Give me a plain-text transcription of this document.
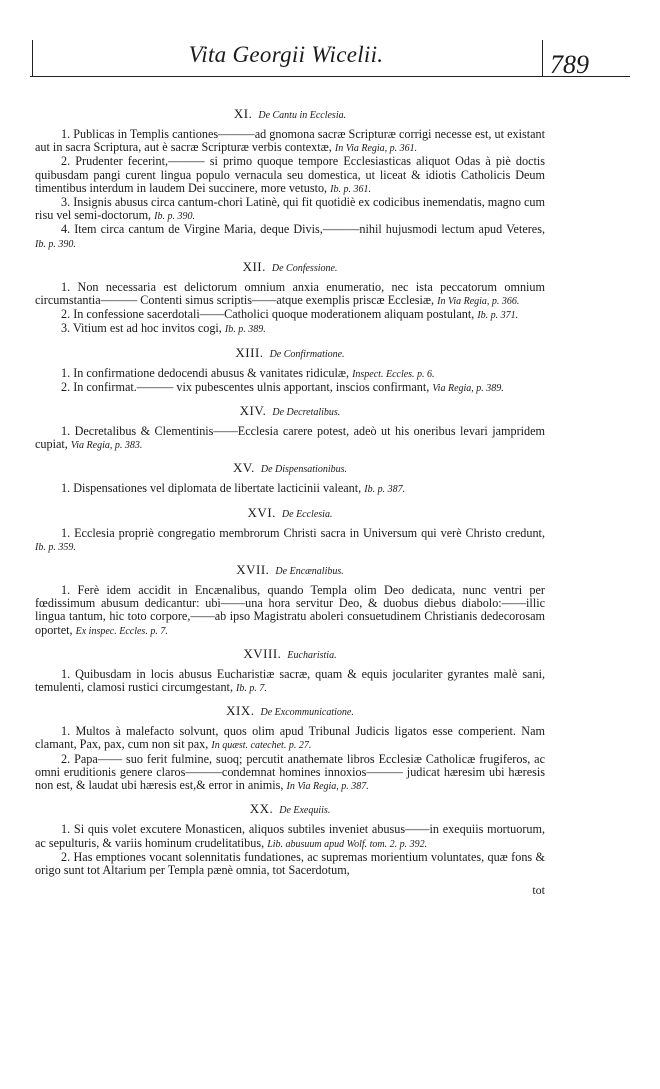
Vita Georgii Wicelii.	789
XI. De Cantu in Ecclesia.

1. Publicas in Templis cantiones———ad gnomona sacræ Scripturæ corrigi necesse est, ut existant aut in sacra Scriptura, aut è sacræ Scripturæ verbis contextæ, In Via Regia, p. 361.

2. Prudenter fecerint,——— si primo quoque tempore Ecclesiasticas aliquot Odas à piè doctis quibusdam pangi curent lingua populo vernacula seu domestica, ut liceat & idiotis Catholicis Deum timentibus interdum in laudem Dei succinere, more vetusto, Ib. p. 361.

3. Insignis abusus circa cantum-chori Latinè, qui fit quotidiè ex codicibus inemendatis, magno cum risu vel semi-doctorum, Ib. p. 390.

4. Item circa cantum de Virgine Maria, deque Divis,———nihil hujusmodi lectum apud Veteres, Ib. p. 390.

XII. De Confessione.

1. Non necessaria est delictorum omnium anxia enumeratio, nec ista peccatorum omnium circumstantia——— Contenti simus scriptis——atque exemplis priscæ Ecclesiæ, In Via Regia, p. 366.

2. In confessione sacerdotali——Catholici quoque moderationem aliquam postulant, Ib. p. 371.

3. Vitium est ad hoc invitos cogi, Ib. p. 389.

XIII. De Confirmatione.

1. In confirmatione dedocendi abusus & vanitates ridiculæ, Inspect. Eccles. p. 6.

2. In confirmat.——— vix pubescentes ulnis apportant, inscios confirmant, Via Regia, p. 389.

XIV. De Decretalibus.

1. Decretalibus & Clementinis——Ecclesia carere potest, adeò ut his oneribus levari jampridem cupiat, Via Regia, p. 383.

XV. De Dispensationibus.

1. Dispensationes vel diplomata de libertate lacticinii valeant, Ib. p. 387.

XVI. De Ecclesia.

1. Ecclesia propriè congregatio membrorum Christi sacra in Universum qui verè Christo credunt, Ib. p. 359.

XVII. De Encænalibus.

1. Ferè idem accidit in Encænalibus, quando Templa olim Deo dedicata, nunc ventri per fœdissimum abusum dedicantur: ubi——una hora servitur Deo, & duobus diebus diabolo:——illic lingua tantum, hic toto corpore,——ab ipso Magistratu aboleri consuetudinem Christianis dedecorosam oportet, Ex inspec. Eccles. p. 7.

XVIII. Eucharistia.

1. Quibusdam in locis abusus Eucharistiæ sacræ, quam & equis joculariter gyrantes malè sani, temulenti, clamosi rustici circumgestant, Ib. p. 7.

XIX. De Excommunicatione.

1. Multos à malefacto solvunt, quos olim apud Tribunal Judicis ligatos esse comperient. Nam clamant, Pax, pax, cum non sit pax, In quæst. catechet. p. 27.

2. Papa—— suo ferit fulmine, suoq; percutit anathemate libros Ecclesiæ Catholicæ frugiferos, ac omni eruditionis genere claros———condemnat homines innoxios——— judicat hæresim ubi hæresis non est, & laudat ubi hæresis est,& error in animis, In Via Regia, p. 387.

XX. De Exequiis.

1. Si quis volet excutere Monasticen, aliquos subtiles inveniet abusus——in exequiis mortuorum, ac sepulturis, & variis hominum crudelitatibus, Lib. abusuum apud Wolf. tom. 2. p. 392.

2. Has emptiones vocant solennitatis fundationes, ac supremas morientium voluntates, quæ fons & origo sunt tot Altarium per Templa pænè omnia, tot Sacerdotum,

tot
